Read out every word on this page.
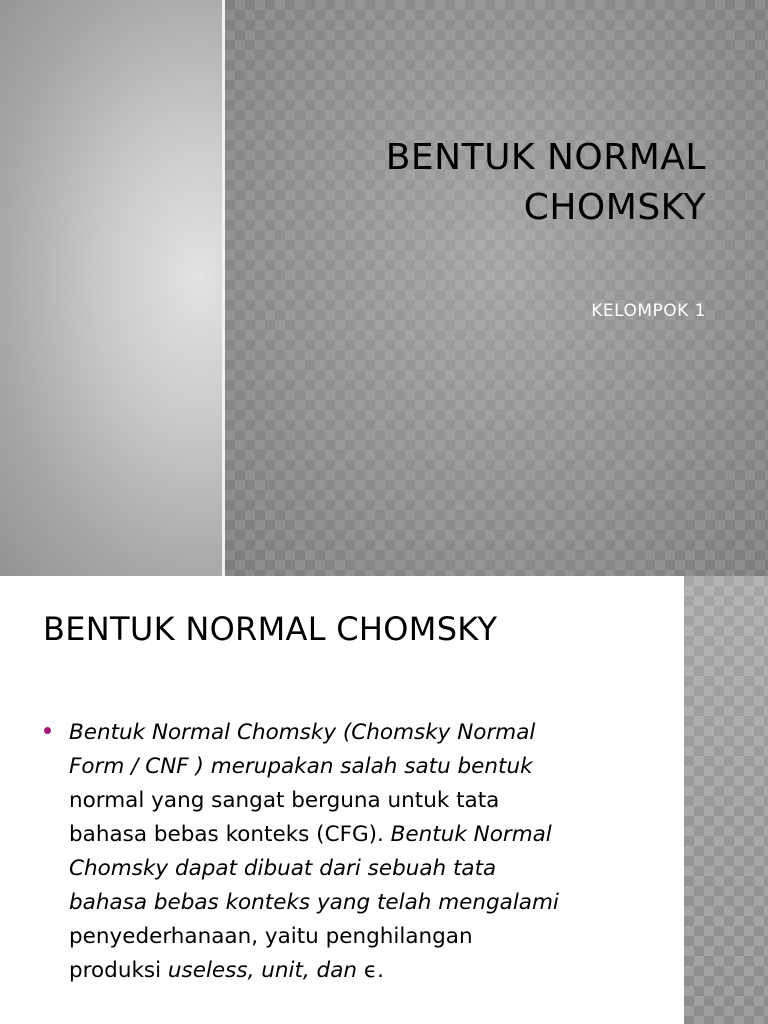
BENTUK NORMAL
CHOMSKY

KELOMPOK 1

BENTUK NORMAL CHOMSKY

Bentuk Normal Chomsky (Chomsky Normal
Form / CNF ) merupakan salah satu bentuk
normal yang sangat berguna untuk tata
bahasa bebas konteks (CFG). Bentuk Normal
Chomsky dapat dibuat dari sebuah tata
bahasa bebas konteks yang telah mengalami
penyederhanaan, yaitu penghilangan
produksi useless, unit, dan ϵ.
